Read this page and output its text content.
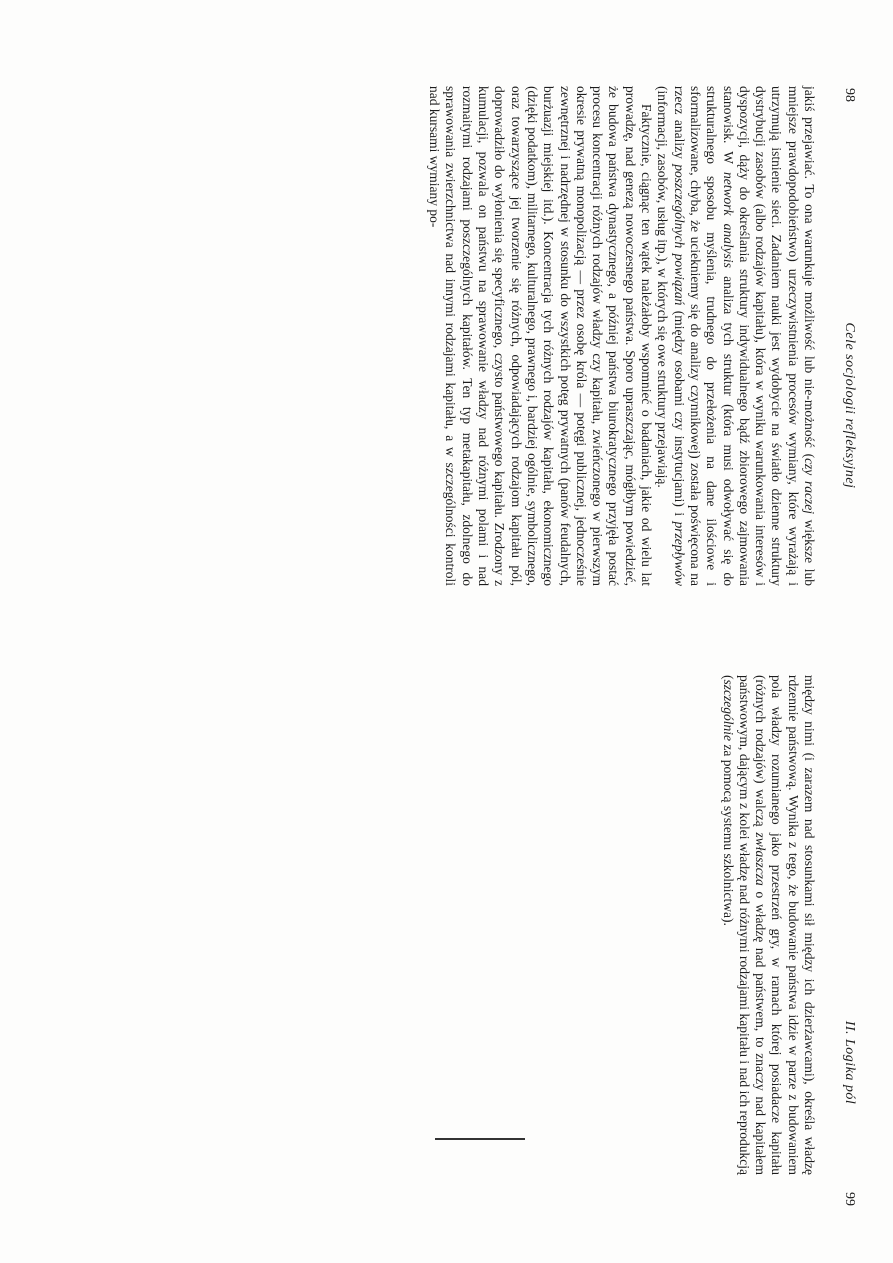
98
Cele socjologii refleksyjnej

jakiś przejawiać. To ona warunkuje możliwość lub nie-możność (czy raczej większe lub mniejsze prawdopodobieństwo) urzeczywistnienia procesów wymiany, które wyrażają i utrzymują istnienie sieci. Zadaniem nauki jest wydobycie na światło dzienne struktury dystrybucji zasobów (albo rodzajów kapitału), która w wyniku warunkowania interesów i dyspozycji, dąży do określania struktury indywidualnego bądź zbiorowego zajmowania stanowisk. W network analysis analiza tych struktur (która musi odwoływać się do strukturalnego sposobu myślenia, trudnego do przełożenia na dane ilościowe i sformalizowane, chyba, że uciekniemy się do analizy czynnikowej) została poświęcona na rzecz analizy poszczególnych powiązań (między osobami czy instytucjami) i przepływów (informacji, zasobów, usług itp.), w których się owe struktury przejawiają.

Faktycznie, ciągnąc ten wątek należałoby wspomnieć o badaniach, jakie od wielu lat prowadzę, nad genezą nowoczesnego państwa. Sporo upraszczając, mógłbym powiedzieć, że budowa państwa dynastycznego, a później państwa biurokratycznego przyjęła postać procesu koncentracji różnych rodzajów władzy czy kapitału, zwieńczonego w pierwszym okresie prywatną monopolizacją — przez osobę króla — potęgi publicznej, jednocześnie zewnętrznej i nadrzędnej w stosunku do wszystkich potęg prywatnych (panów feudalnych, burżuazji miejskiej itd.). Koncentracja tych różnych rodzajów kapitału, ekonomicznego (dzięki podatkom), militarnego, kulturalnego, prawnego i, bardziej ogólnie, symbolicznego, oraz towarzyszące jej tworzenie się różnych, odpowiadających rodzajom kapitału pól, doprowadziło do wyłonienia się specyficznego, czysto państwowego kapitału. Zrodzony z kumulacji, pozwala on państwu na sprawowanie władzy nad różnymi polami i nad rozmaitymi rodzajami poszczególnych kapitałów. Ten typ metakapitału, zdolnego do sprawowania zwierzchnictwa nad innymi rodzajami kapitału, a w szczególności kontroli nad kursami wymiany po-

II. Logika pól
99

między nimi (i zarazem nad stosunkami sił między ich dzierżawcami), określa władzę rdzennie państwową. Wynika z tego, że budowanie państwa idzie w parze z budowaniem pola władzy rozumianego jako przestrzeń gry, w ramach której posiadacze kapitału (różnych rodzajów) walczą zwłaszcza o władzę nad państwem, to znaczy nad kapitałem państwowym, dającym z kolei władzę nad różnymi rodzajami kapitału i nad ich reprodukcją (szczególnie za pomocą systemu szkolnictwa).
